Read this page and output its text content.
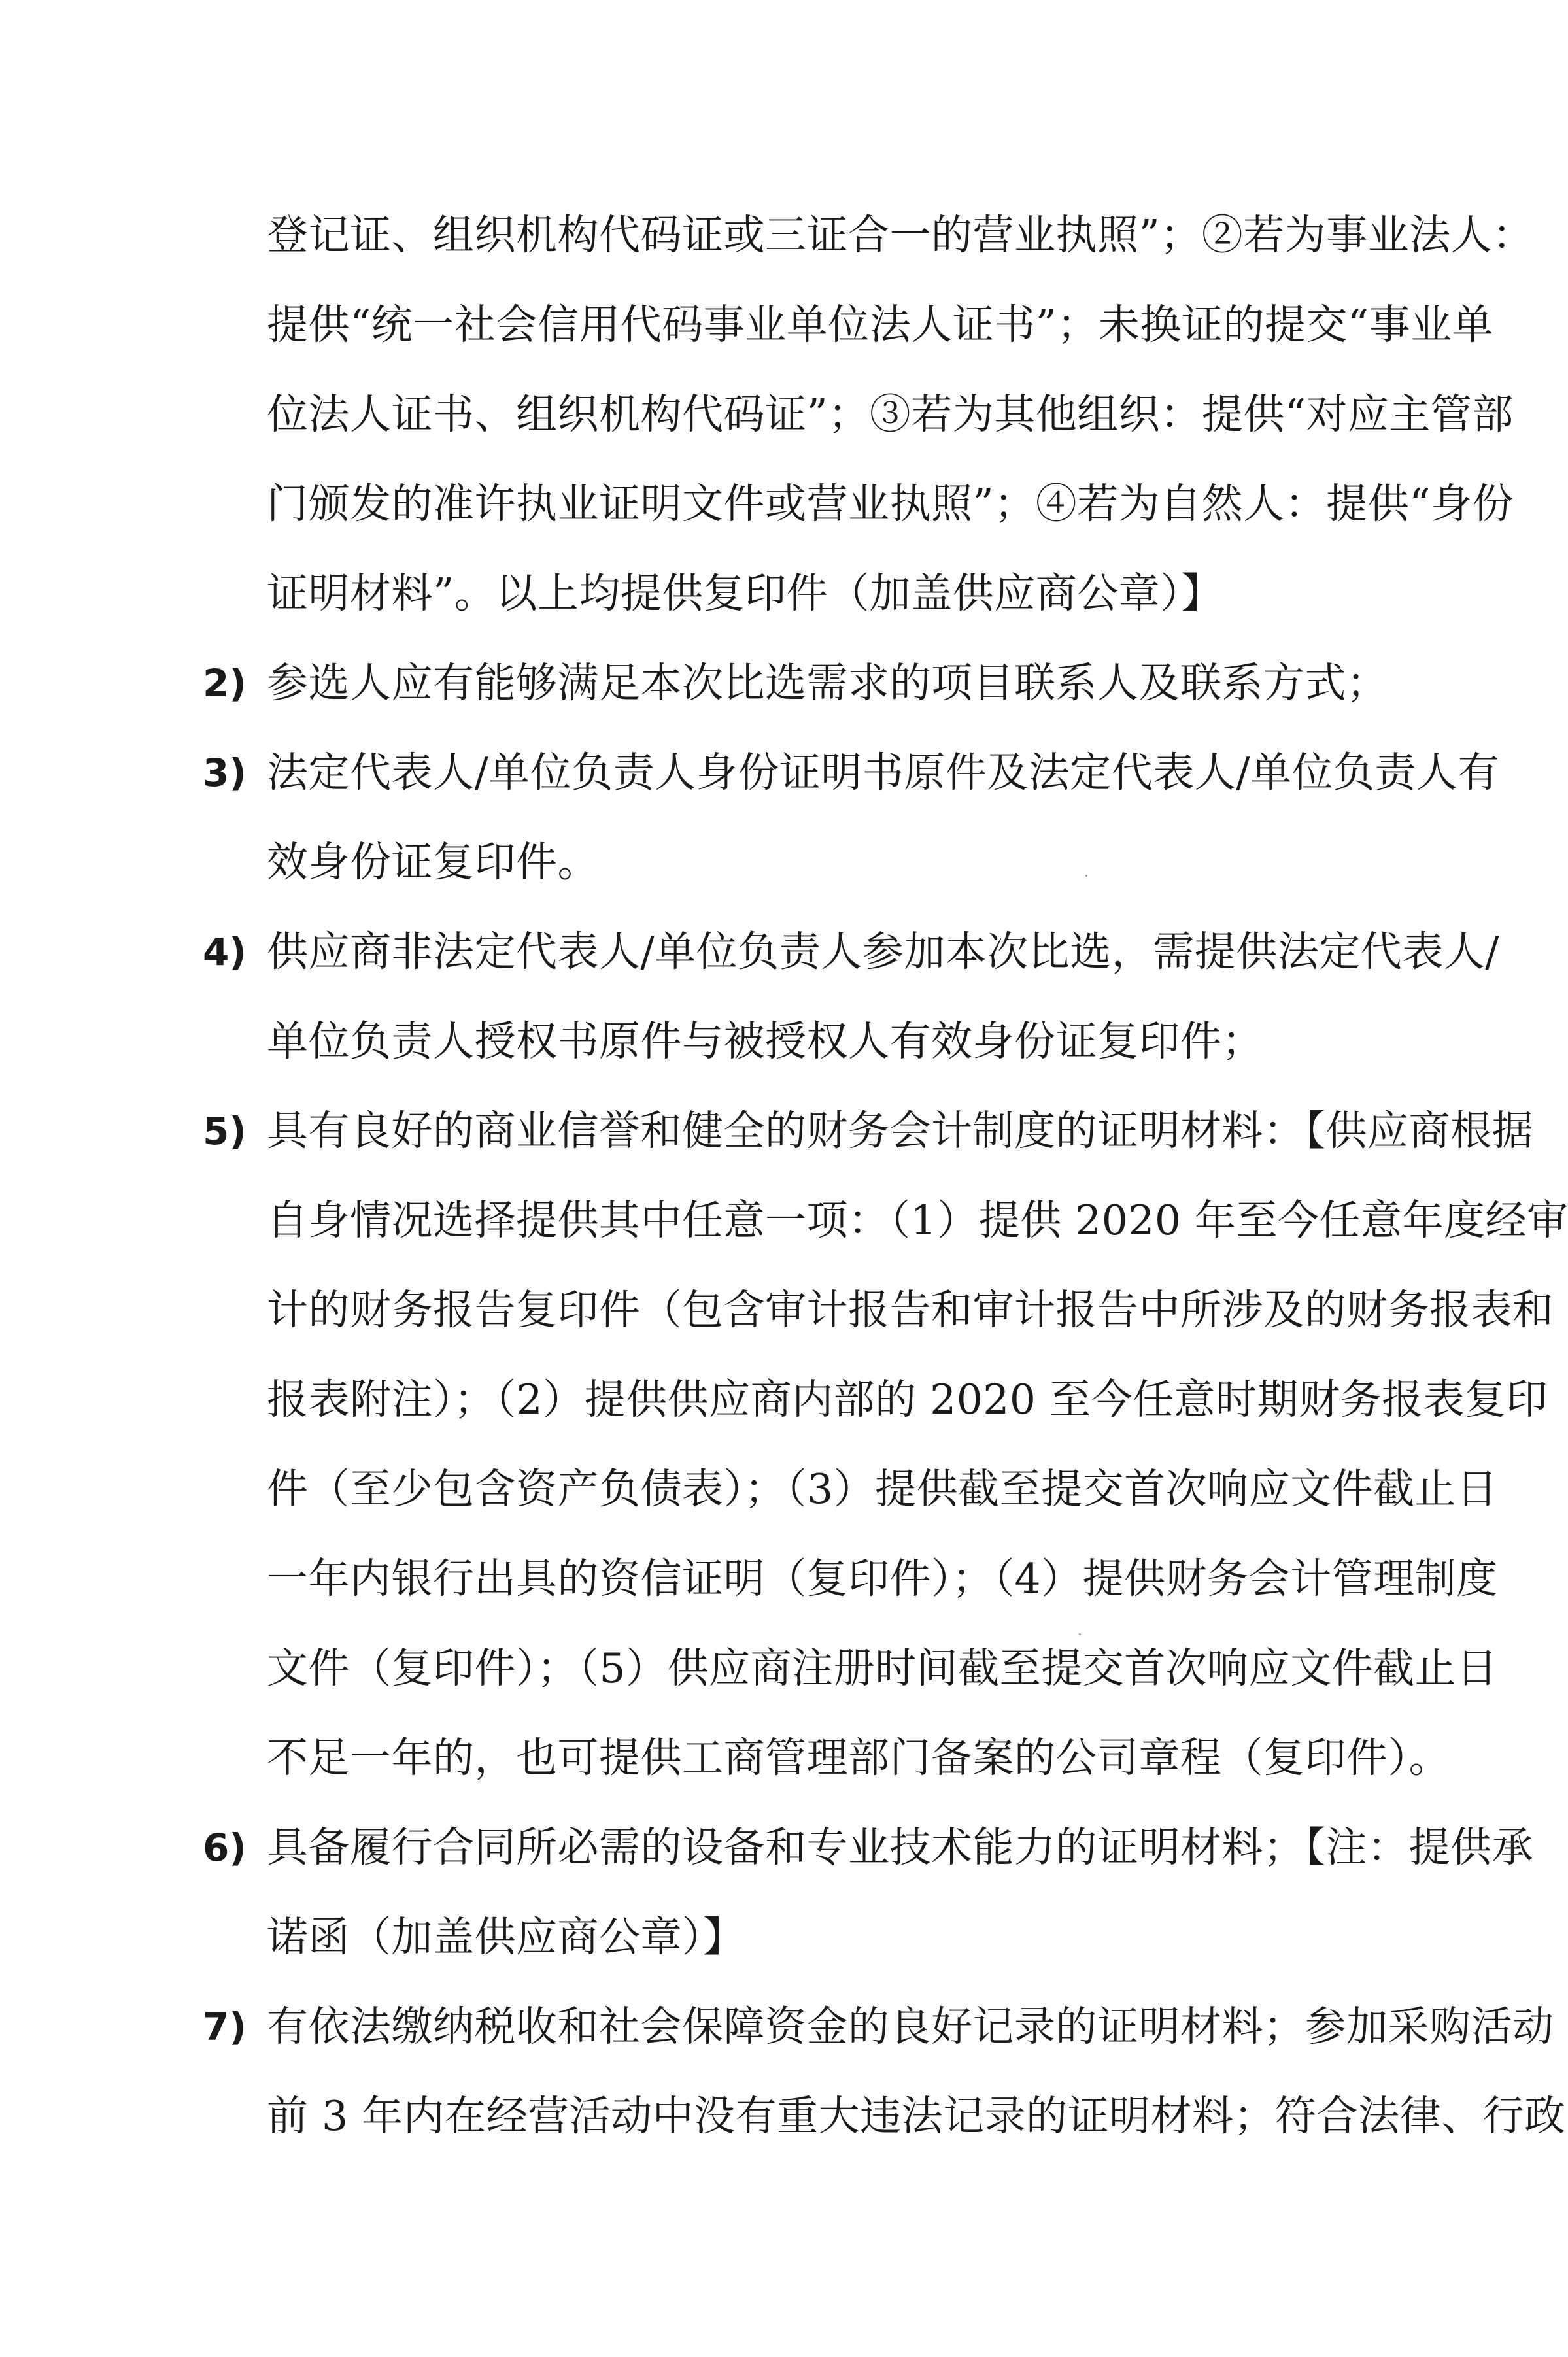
登记证、组织机构代码证或三证合一的营业执照”；②若为事业法人：
提供“统一社会信用代码事业单位法人证书”；未换证的提交“事业单
位法人证书、组织机构代码证”；③若为其他组织：提供“对应主管部
门颁发的准许执业证明文件或营业执照”；④若为自然人：提供“身份
证明材料”。以上均提供复印件（加盖供应商公章）】
2) 参选人应有能够满足本次比选需求的项目联系人及联系方式；
3) 法定代表人/单位负责人身份证明书原件及法定代表人/单位负责人有
效身份证复印件。
4) 供应商非法定代表人/单位负责人参加本次比选，需提供法定代表人/
单位负责人授权书原件与被授权人有效身份证复印件；
5) 具有良好的商业信誉和健全的财务会计制度的证明材料：【供应商根据
自身情况选择提供其中任意一项：（1）提供 2020 年至今任意年度经审
计的财务报告复印件（包含审计报告和审计报告中所涉及的财务报表和
报表附注）；（2）提供供应商内部的 2020 至今任意时期财务报表复印
件（至少包含资产负债表）；（3）提供截至提交首次响应文件截止日
一年内银行出具的资信证明（复印件）；（4）提供财务会计管理制度
文件（复印件）；（5）供应商注册时间截至提交首次响应文件截止日
不足一年的，也可提供工商管理部门备案的公司章程（复印件）。
6) 具备履行合同所必需的设备和专业技术能力的证明材料；【注：提供承
诺函（加盖供应商公章）】
7) 有依法缴纳税收和社会保障资金的良好记录的证明材料；参加采购活动
前 3 年内在经营活动中没有重大违法记录的证明材料；符合法律、行政
